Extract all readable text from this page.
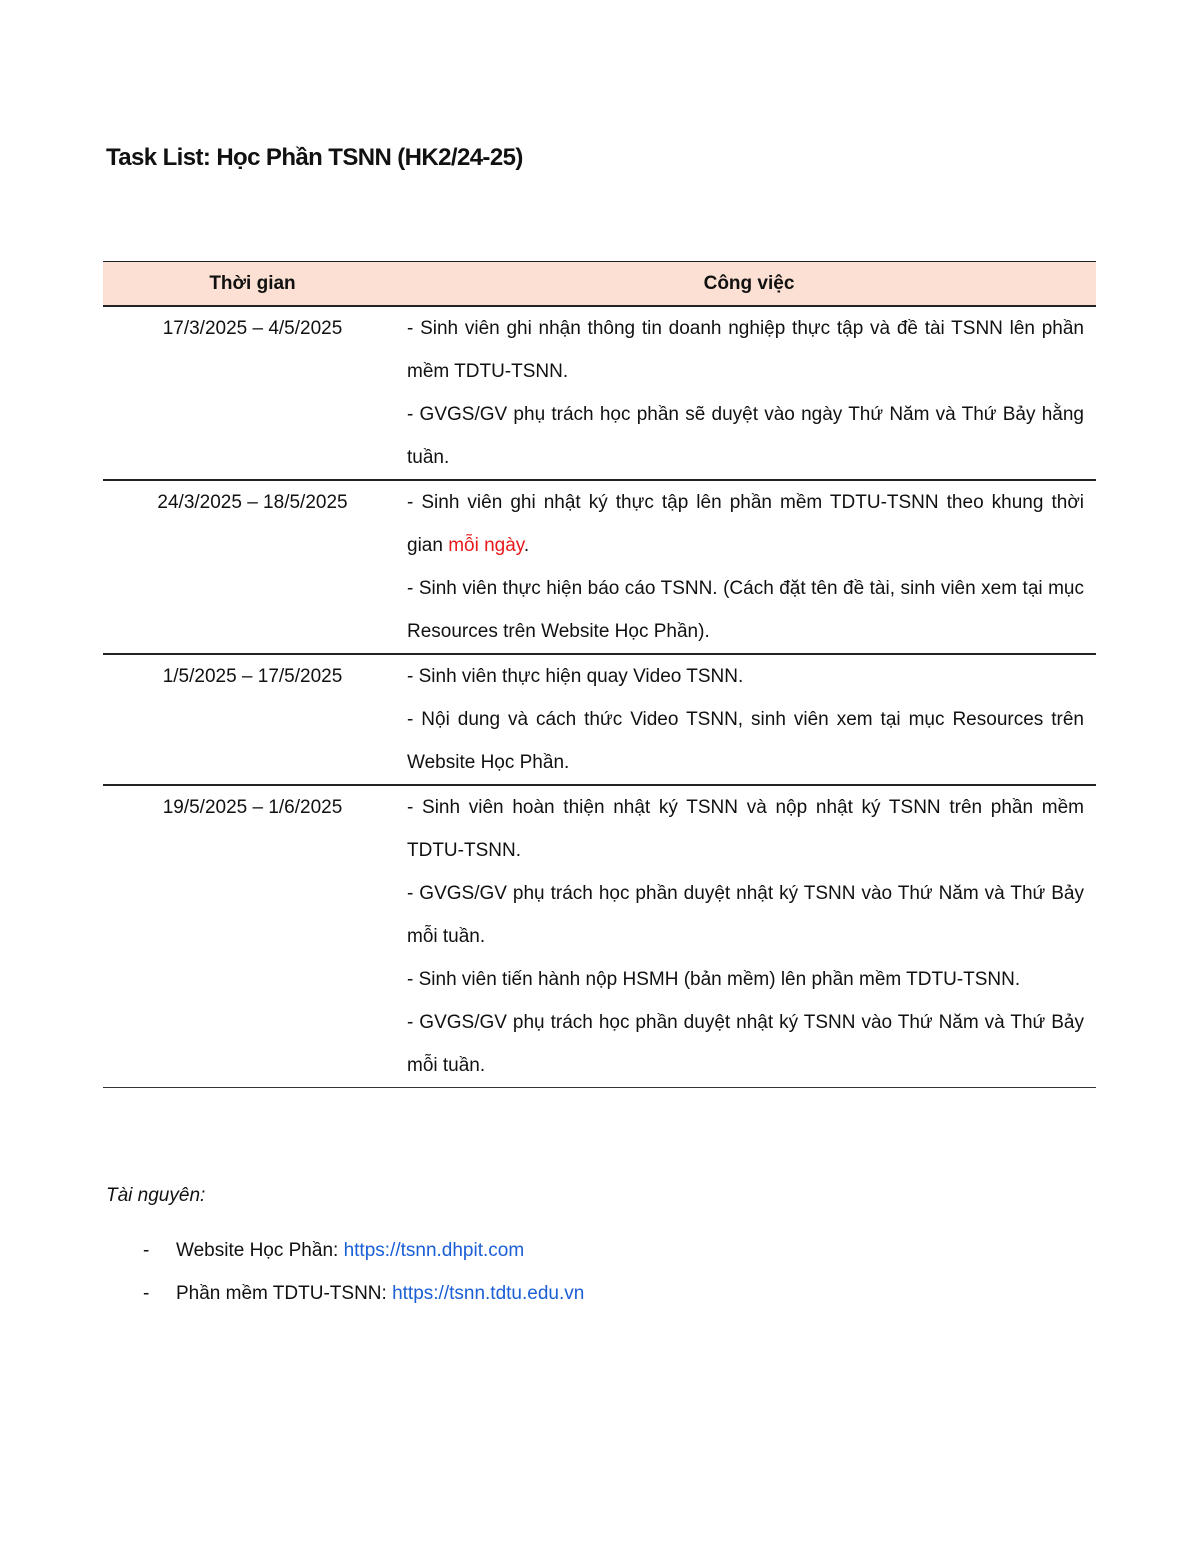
Task List: Học Phần TSNN (HK2/24-25)
Thời gian	Công việc
17/3/2025 – 4/5/2025	- Sinh viên ghi nhận thông tin doanh nghiệp thực tập và đề tài TSNN lên phần mềm TDTU-TSNN.

- GVGS/GV phụ trách học phần sẽ duyệt vào ngày Thứ Năm và Thứ Bảy hằng tuần.

24/3/2025 – 18/5/2025	- Sinh viên ghi nhật ký thực tập lên phần mềm TDTU-TSNN theo khung thời gian mỗi ngày.

- Sinh viên thực hiện báo cáo TSNN. (Cách đặt tên đề tài, sinh viên xem tại mục Resources trên Website Học Phần).

1/5/2025 – 17/5/2025	- Sinh viên thực hiện quay Video TSNN.

- Nội dung và cách thức Video TSNN, sinh viên xem tại mục Resources trên Website Học Phần.

19/5/2025 – 1/6/2025	- Sinh viên hoàn thiện nhật ký TSNN và nộp nhật ký TSNN trên phần mềm TDTU-TSNN.

- GVGS/GV phụ trách học phần duyệt nhật ký TSNN vào Thứ Năm và Thứ Bảy mỗi tuần.

- Sinh viên tiến hành nộp HSMH (bản mềm) lên phần mềm TDTU-TSNN.

- GVGS/GV phụ trách học phần duyệt nhật ký TSNN vào Thứ Năm và Thứ Bảy mỗi tuần.

Tài nguyên:

- Website Học Phần: https://tsnn.dhpit.com
- Phần mềm TDTU-TSNN: https://tsnn.tdtu.edu.vn
